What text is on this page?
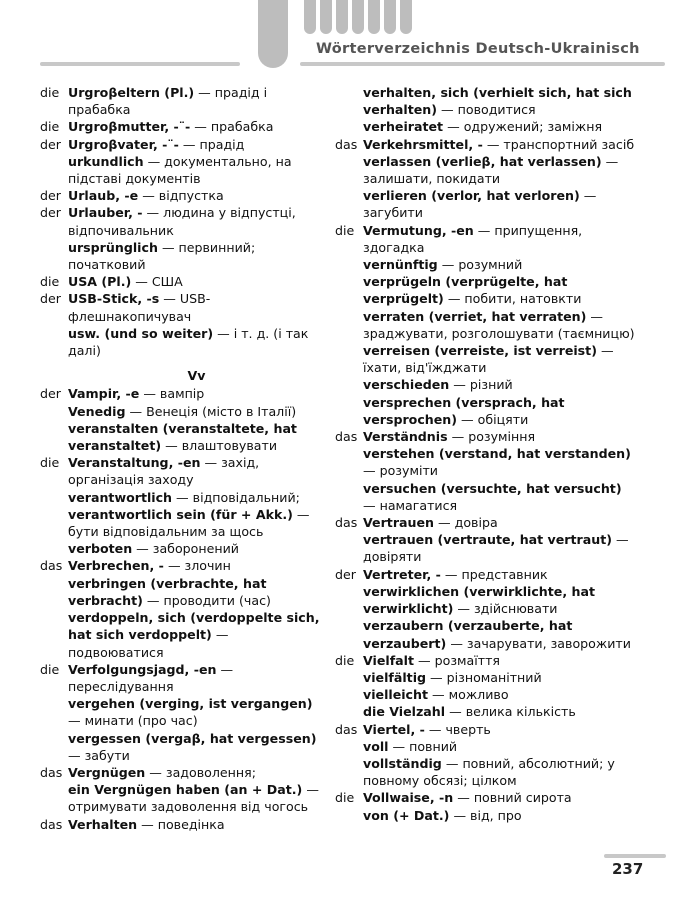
Wörterverzeichnis Deutsch-Ukrainisch
die Urgroβeltern (Pl.) — прадід і прабабка
die Urgroβmutter, -¨- — прабабка
der Urgroβvater, -¨- — прадід
urkundlich — документально, на підставі документів
der Urlaub, -e — відпустка
der Urlauber, - — людина у відпустці, відпочивальник
ursprünglich — первинний; початковий
die USA (Pl.) — США
der USB-Stick, -s — USB-флешнакопичувач
usw. (und so weiter) — і т. д. (і так далі)
Vv
der Vampir, -e — вампір
Venedig — Венеція (місто в Італії)
veranstalten (veranstaltete, hat veranstaltet) — влаштовувати
die Veranstaltung, -en — захід, організація заходу
verantwortlich — відповідальний;
verantwortlich sein (für + Akk.) — бути відповідальним за щось
verboten — заборонений
das Verbrechen, - — злочин
verbringen (verbrachte, hat verbracht) — проводити (час)
verdoppeln, sich (verdoppelte sich, hat sich verdoppelt) — подвоюватися
die Verfolgungsjagd, -en — переслідування
vergehen (verging, ist vergangen) — минати (про час)
vergessen (vergaβ, hat vergessen) — забути
das Vergnügen — задоволення;
ein Vergnügen haben (an + Dat.) — отримувати задоволення від чогось
das Verhalten — поведінка
verhalten, sich (verhielt sich, hat sich verhalten) — поводитися
verheiratet — одружений; заміжня
das Verkehrsmittel, - — транспортний засіб
verlassen (verlieβ, hat verlassen) — залишати, покидати
verlieren (verlor, hat verloren) — загубити
die Vermutung, -en — припущення, здогадка
vernünftig — розумний
verprügeln (verprügelte, hat verprügelt) — побити, натовкти
verraten (verriet, hat verraten) — зраджувати, розголошувати (таємницю)
verreisen (verreiste, ist verreist) — їхати, від'їжджати
verschieden — різний
versprechen (versprach, hat versprochen) — обіцяти
das Verständnis — розуміння
verstehen (verstand, hat verstanden) — розуміти
versuchen (versuchte, hat versucht) — намагатися
das Vertrauen — довіра
vertrauen (vertraute, hat vertraut) — довіряти
der Vertreter, - — представник
verwirklichen (verwirklichte, hat verwirklicht) — здійснювати
verzaubern (verzauberte, hat verzaubert) — зачарувати, заворожити
die Vielfalt — розмаїття
vielfältig — різноманітний
vielleicht — можливо
die Vielzahl — велика кількість
das Viertel, - — чверть
voll — повний
vollständig — повний, абсолютний; у повному обсязі; цілком
die Vollwaise, -n — повний сирота
von (+ Dat.) — від, про
237
